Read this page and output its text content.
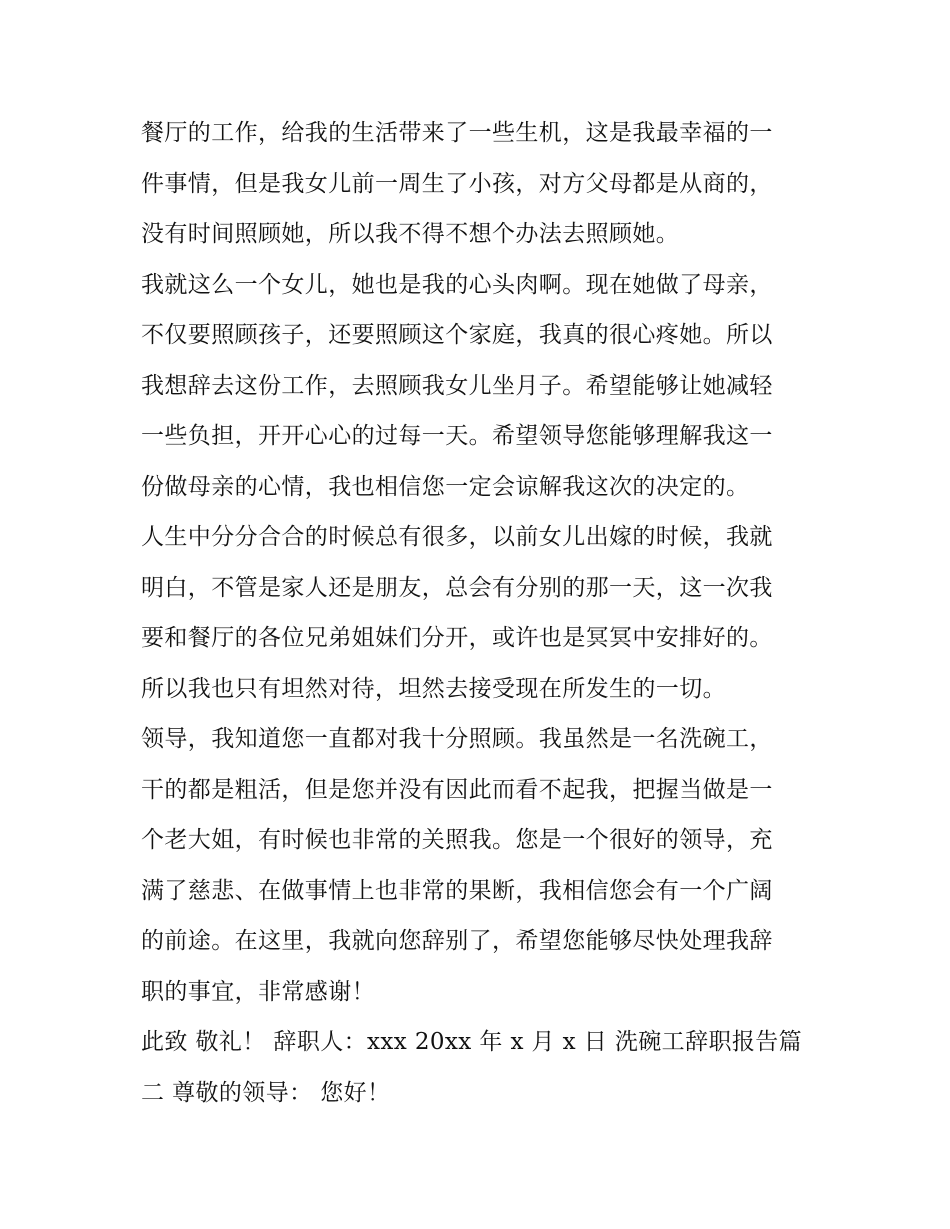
餐厅的工作，给我的生活带来了一些生机，这是我最幸福的一
件事情，但是我女儿前一周生了小孩，对方父母都是从商的，
没有时间照顾她，所以我不得不想个办法去照顾她。
我就这么一个女儿，她也是我的心头肉啊。现在她做了母亲，
不仅要照顾孩子，还要照顾这个家庭，我真的很心疼她。所以
我想辞去这份工作，去照顾我女儿坐月子。希望能够让她减轻
一些负担，开开心心的过每一天。希望领导您能够理解我这一
份做母亲的心情，我也相信您一定会谅解我这次的决定的。
人生中分分合合的时候总有很多，以前女儿出嫁的时候，我就
明白，不管是家人还是朋友，总会有分别的那一天，这一次我
要和餐厅的各位兄弟姐妹们分开，或许也是冥冥中安排好的。
所以我也只有坦然对待，坦然去接受现在所发生的一切。
领导，我知道您一直都对我十分照顾。我虽然是一名洗碗工，
干的都是粗活，但是您并没有因此而看不起我，把握当做是一
个老大姐，有时候也非常的关照我。您是一个很好的领导，充
满了慈悲、在做事情上也非常的果断，我相信您会有一个广阔
的前途。在这里，我就向您辞别了，希望您能够尽快处理我辞
职的事宜，非常感谢！
此致 敬礼！ 辞职人：xxx 20xx 年 x 月 x 日 洗碗工辞职报告篇
二 尊敬的领导： 您好！
